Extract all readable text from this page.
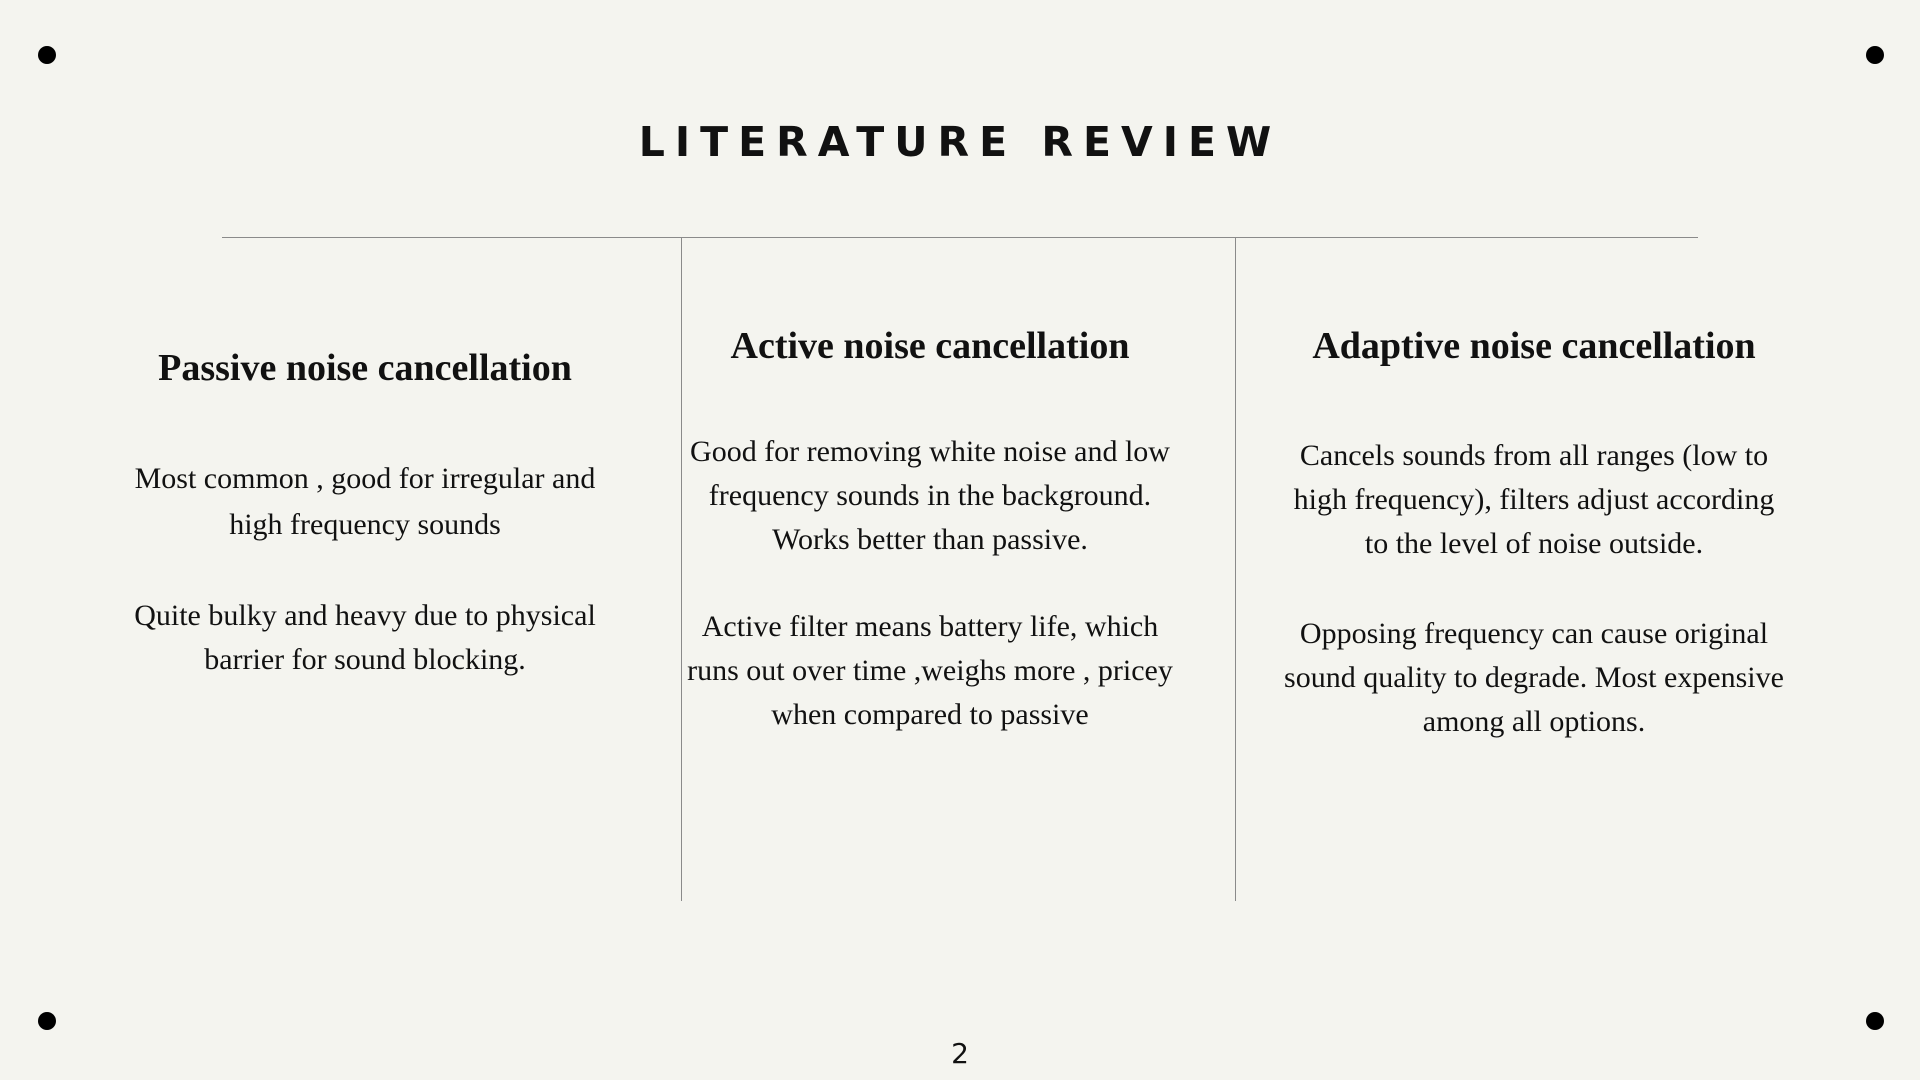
LITERATURE REVIEW
Passive noise cancellation

Most common , good for irregular and high frequency sounds

Quite bulky and heavy due to physical barrier for sound blocking.

Active noise cancellation

Good for removing white noise and low frequency sounds in the background. Works better than passive.

Active filter means battery life, which runs out over time ,weighs more , pricey when compared to passive

Adaptive noise cancellation

Cancels sounds from all ranges (low to high frequency), filters adjust according to the level of noise outside.

Opposing frequency can cause original sound quality to degrade. Most expensive among all options.

2
